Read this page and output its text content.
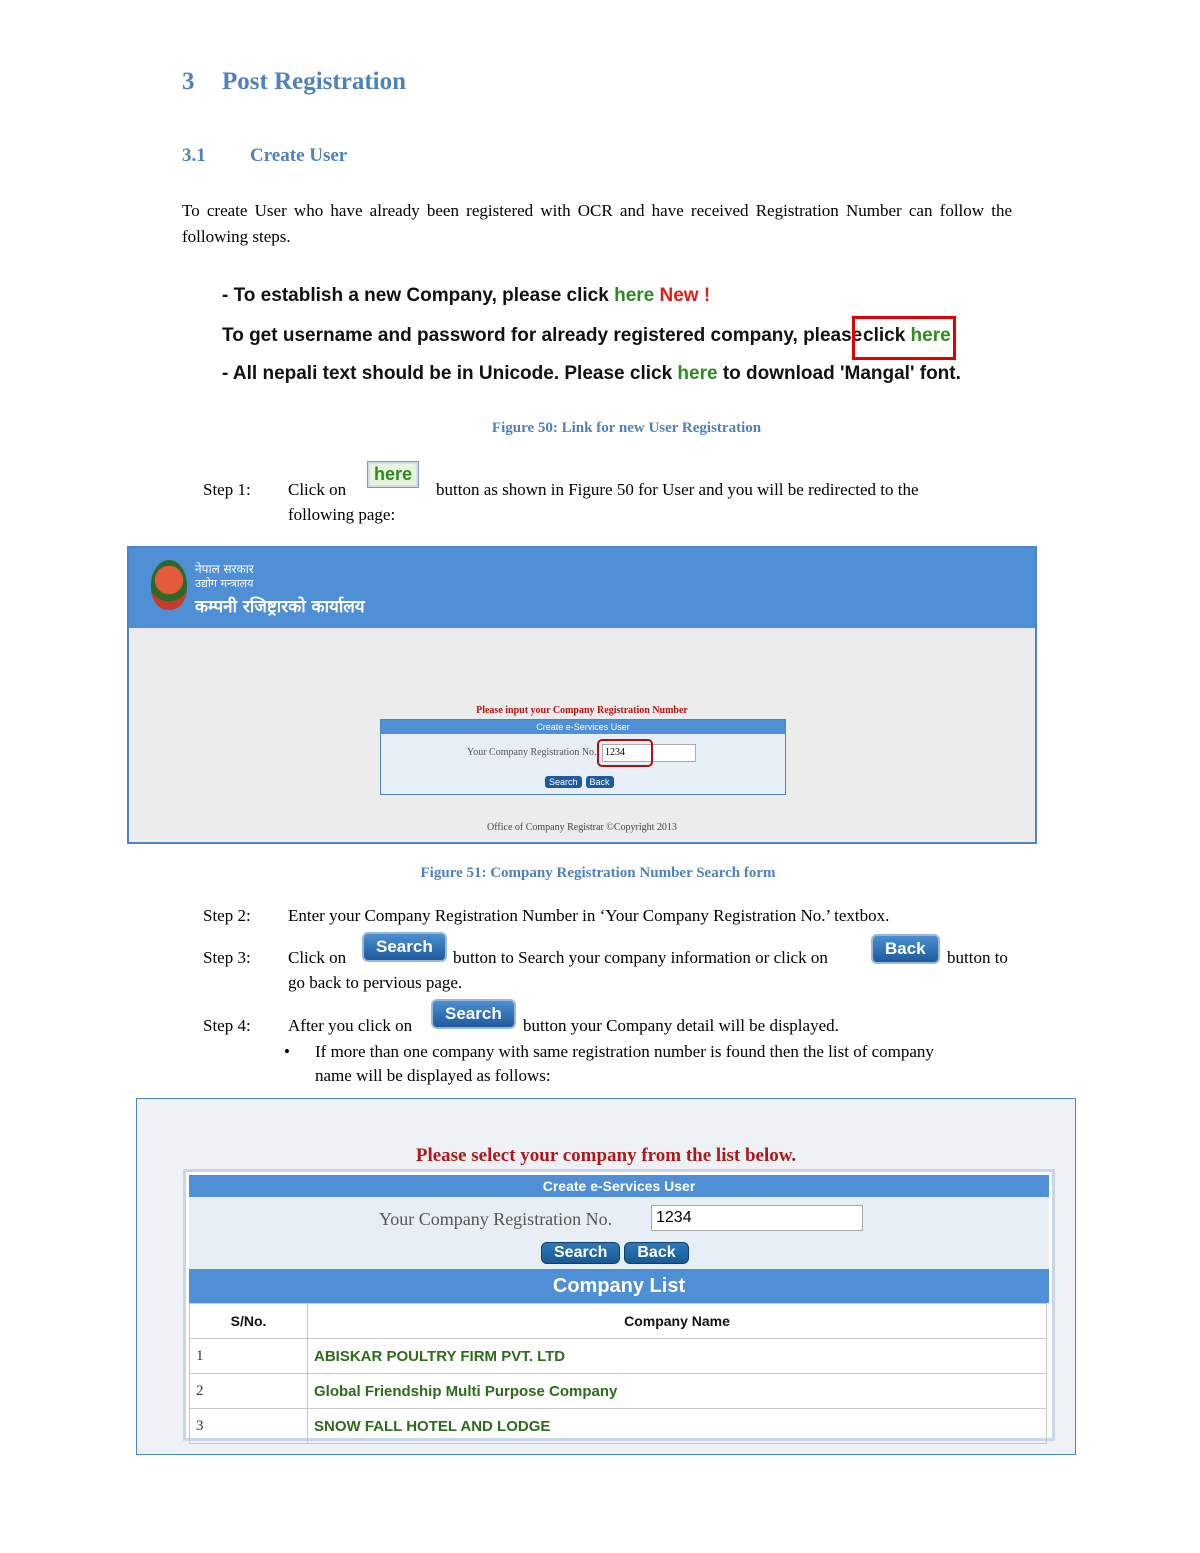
3 Post Registration
3.1 Create User
To create User who have already been registered with OCR and have received Registration Number can follow the following steps.
- To establish a new Company, please click here New !
To get username and password for already registered company, please click here
- All nepali text should be in Unicode. Please click here to download 'Mangal' font.
Figure 50: Link for new User Registration
Step 1: Click on
here
button as shown in Figure 50 for User and you will be redirected to the
following page:
नेपाल सरकार
उद्योग मन्त्रालय
कम्पनी रजिष्ट्रारको कार्यालय
Please input your Company Registration Number
Create e-Services User
Your Company Registration No. 1234
Search Back
Office of Company Registrar ©Copyright 2013
Figure 51: Company Registration Number Search form
Step 2: Enter your Company Registration Number in ‘Your Company Registration No.’ textbox.
Step 3: Click on
Search
button to Search your company information or click on	Back	button to
go back to pervious page.
Step 4: After you click on
Search
button your Company detail will be displayed.
• If more than one company with same registration number is found then the list of company
name will be displayed as follows:
Please select your company from the list below.
Create e-Services User
Your Company Registration No.	1234
Search Back
Company List
S/No.	Company Name
1	ABISKAR POULTRY FIRM PVT. LTD
2	Global Friendship Multi Purpose Company
3	SNOW FALL HOTEL AND LODGE
